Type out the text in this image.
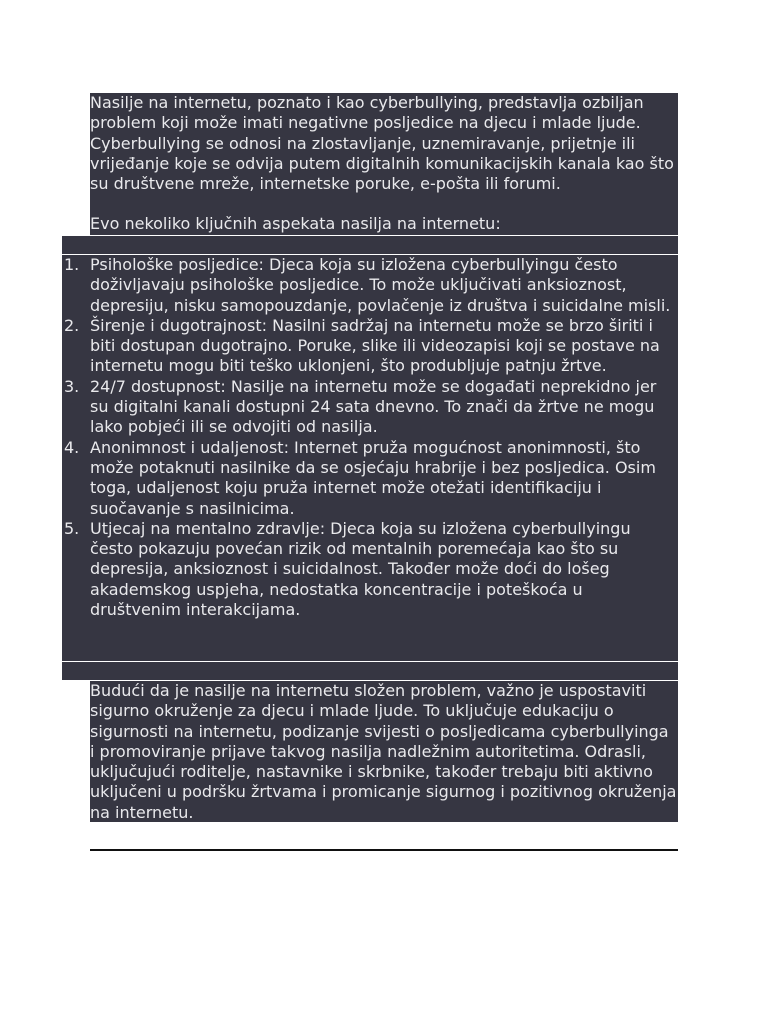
Nasilje na internetu, poznato i kao cyberbullying, predstavlja ozbiljan problem koji može imati negativne posljedice na djecu i mlade ljude. Cyberbullying se odnosi na zlostavljanje, uznemiravanje, prijetnje ili vrijeđanje koje se odvija putem digitalnih komunikacijskih kanala kao što su društvene mreže, internetske poruke, e-pošta ili forumi.

Evo nekoliko ključnih aspekata nasilja na internetu:

1. Psihološke posljedice: Djeca koja su izložena cyberbullyingu često doživljavaju psihološke posljedice. To može uključivati anksioznost, depresiju, nisku samopouzdanje, povlačenje iz društva i suicidalne misli.
2. Širenje i dugotrajnost: Nasilni sadržaj na internetu može se brzo širiti i biti dostupan dugotrajno. Poruke, slike ili videozapisi koji se postave na internetu mogu biti teško uklonjeni, što produbljuje patnju žrtve.
3. 24/7 dostupnost: Nasilje na internetu može se događati neprekidno jer su digitalni kanali dostupni 24 sata dnevno. To znači da žrtve ne mogu lako pobjeći ili se odvojiti od nasilja.
4. Anonimnost i udaljenost: Internet pruža mogućnost anonimnosti, što može potaknuti nasilnike da se osjećaju hrabrije i bez posljedica. Osim toga, udaljenost koju pruža internet može otežati identifikaciju i suočavanje s nasilnicima.
5. Utjecaj na mentalno zdravlje: Djeca koja su izložena cyberbullyingu često pokazuju povećan rizik od mentalnih poremećaja kao što su depresija, anksioznost i suicidalnost. Također može doći do lošeg akademskog uspjeha, nedostatka koncentracije i poteškoća u društvenim interakcijama.

Budući da je nasilje na internetu složen problem, važno je uspostaviti sigurno okruženje za djecu i mlade ljude. To uključuje edukaciju o sigurnosti na internetu, podizanje svijesti o posljedicama cyberbullyinga i promoviranje prijave takvog nasilja nadležnim autoritetima. Odrasli, uključujući roditelje, nastavnike i skrbnike, također trebaju biti aktivno uključeni u podršku žrtvama i promicanje sigurnog i pozitivnog okruženja na internetu.
